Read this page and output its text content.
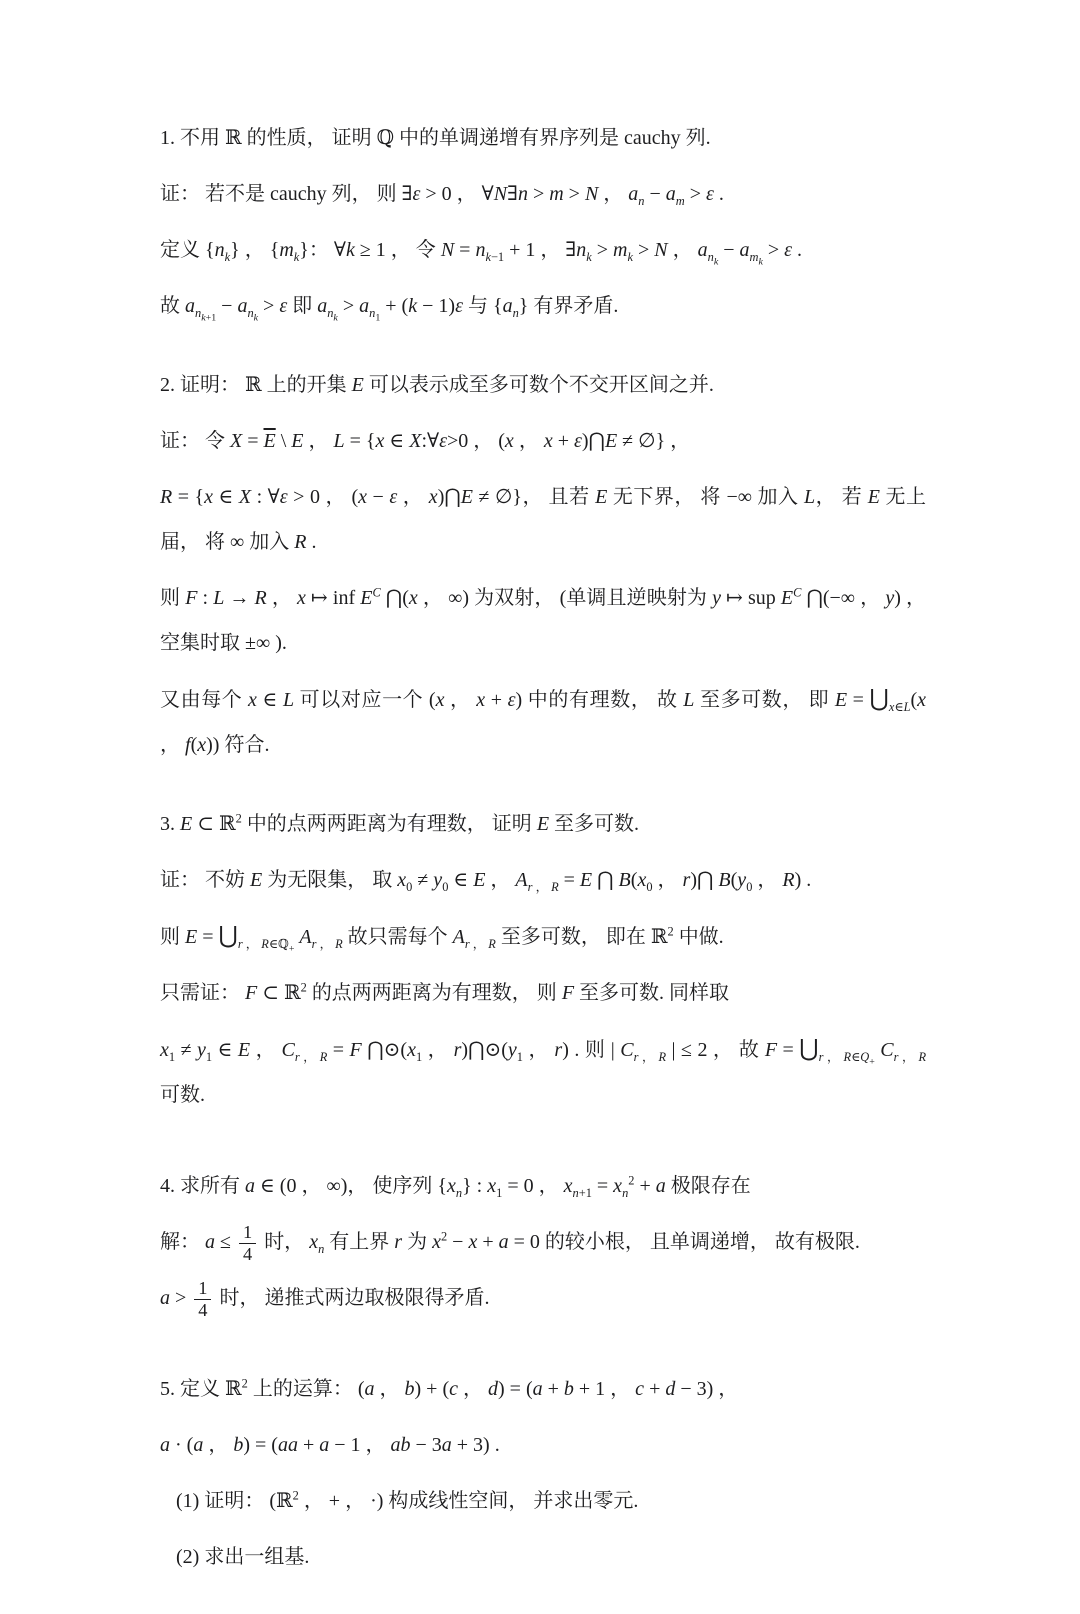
1. 不用 ℝ 的性质， 证明 ℚ 中的单调递增有界序列是 cauchy 列.

证： 若不是 cauchy 列， 则 ∃ε > 0 ， ∀N∃n > m > N ， $a_n - a_m > \varepsilon$ .

定义 $\{n_k\}$ ， $\{m_k\}$： ∀k ≥ 1 ， 令 $N = n_{k-1} + 1$ ， $\exists n_k > m_k > N$ ， $a_{n_k} - a_{m_k} > \varepsilon$ .

故 $a_{n_{k+1}} - a_{n_k} > \varepsilon$ 即 $a_{n_k} > a_{n_1} + (k - 1)\varepsilon$ 与 $\{a_n\}$ 有界矛盾.

2. 证明： ℝ 上的开集 E 可以表示成至多可数个不交开区间之并.

证： 令 $X = \overline{E}$ \ E ， L = {x ∈ X:∀ε>0 ， (x ， x + ε)⋂E ≠ ∅} ，

R = {x ∈ X : ∀ε > 0 ， (x − ε ， x)⋂E ≠ ∅}， 且若 E 无下界， 将 −∞ 加入 L， 若 E 无上届， 将 ∞ 加入 R .

则 F : L → R ， x ↦ inf $E^C$ ⋂(x ， ∞) 为双射， (单调且逆映射为 y ↦ sup $E^C$ ⋂(−∞ ， y) ， 空集时取 ±∞ ).

又由每个 x ∈ L 可以对应一个 (x ， x + ε) 中的有理数， 故 L 至多可数， 即 $E = ⋃_{x\in L}(x$ ， f(x)) 符合.

3. E ⊂ ℝ$^2$ 中的点两两距离为有理数， 证明 E 至多可数.

证： 不妨 E 为无限集， 取 $x_0 \ne y_0$ ∈ E ， $A_{r , R} = E$ ⋂ $B(x_0$ ， r)⋂ $B(y_0$ ， R) .

则 $E = ⋃_{r , R\in ℚ_+}$ $A_{r , R}$ 故只需每个 $A_{r , R}$ 至多可数， 即在 ℝ$^2$ 中做.

只需证： F ⊂ ℝ$^2$ 的点两两距离为有理数， 则 F 至多可数. 同样取

$x_1 \ne y_1$ ∈ E ， $C_{r , R} = F$ $⋂⊙(x_1$ ， $r)⋂⊙(y_1$ ， r) . 则 | $C_{r , R}$ | ≤ 2 ， 故 $F = ⋃_{r , R\in Q_+}$ $C_{r , R}$ 可数.

4. 求所有 a ∈ (0 ， ∞)， 使序列 $\{x_n\}$ : $x_1 = 0$ ， $x_{n+1} = x_n^2 + a$ 极限存在

解： $a \le \frac{1}{4}$ 时， $x_n$ 有上界 r 为 $x^2 - x + a = 0$ 的较小根， 且单调递增， 故有极限.

$a > \frac{1}{4}$ 时， 递推式两边取极限得矛盾.

5. 定义 ℝ$^2$ 上的运算： (a ， b) + (c ， d) = (a + b + 1 ， c + d − 3) ，

a · (a ， b) = (aa + a − 1 ， ab − 3a + 3) .

(1) 证明： (ℝ$^2$ ， + ， ·) 构成线性空间， 并求出零元.

(2) 求出一组基.
